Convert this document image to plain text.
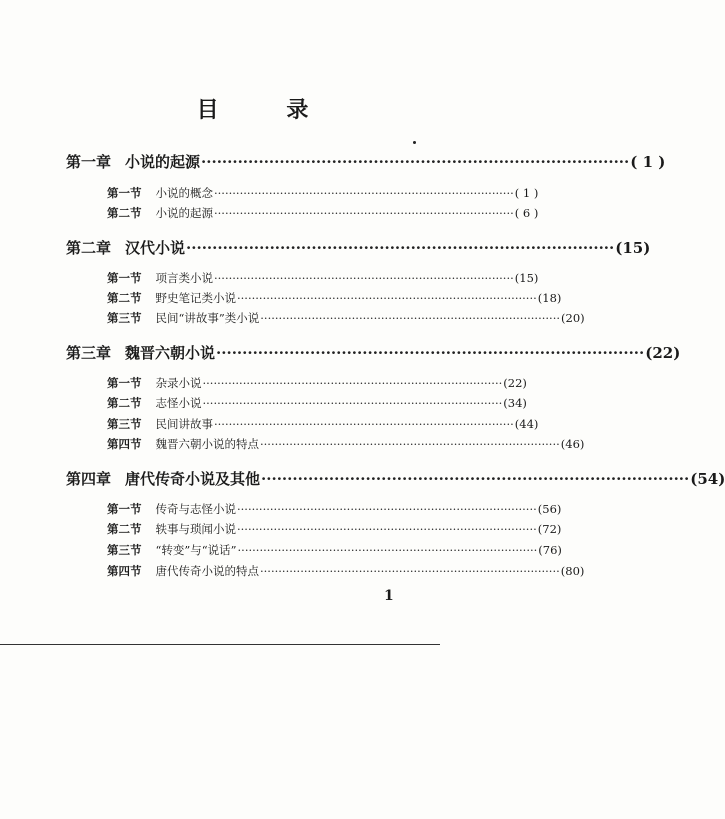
目 录
第一章 小说的起源 ·················································································· ( 1 )
第一节 小说的概念 ·················································································· ( 1 )
第二节 小说的起源 ·················································································· ( 6 )
第二章 汉代小说 ·················································································· (15)
第一节 项言类小说 ·················································································· (15)
第二节 野史笔记类小说 ·················································································· (18)
第三节 民间“讲故事”类小说 ·················································································· (20)
第三章 魏晋六朝小说 ·················································································· (22)
第一节 杂录小说 ·················································································· (22)
第二节 志怪小说 ·················································································· (34)
第三节 民间讲故事 ·················································································· (44)
第四节 魏晋六朝小说的特点 ·················································································· (46)
第四章 唐代传奇小说及其他 ·················································································· (54)
第一节 传奇与志怪小说 ·················································································· (56)
第二节 轶事与琐闻小说 ·················································································· (72)
第三节 “转变”与“说话” ·················································································· (76)
第四节 唐代传奇小说的特点 ·················································································· (80)
1
